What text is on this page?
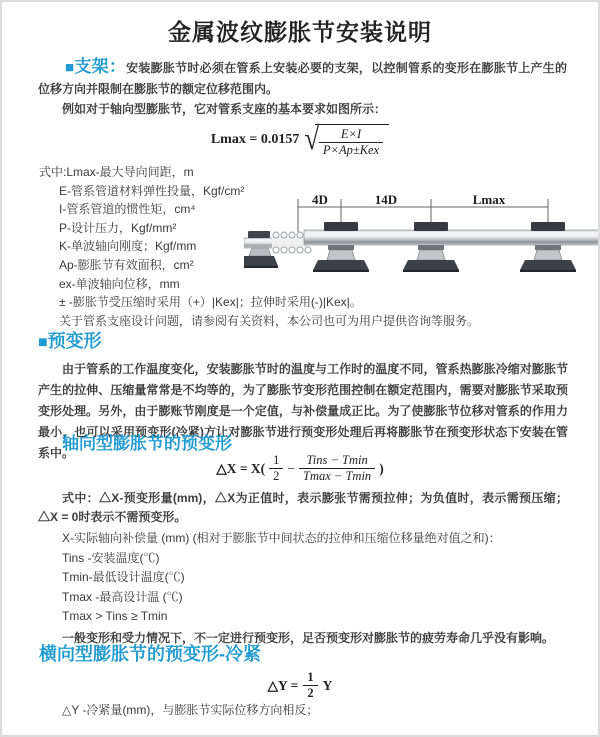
金属波纹膨胀节安装说明

■支架：安装膨胀节时必须在管系上安装必要的支架，以控制管系的变形在膨胀节上产生的位移方向并限制在膨胀节的额定位移范围内。

例如对于轴向型膨胀节，它对管系支座的基本要求如图所示：

Lmax = 0.0157 √ $\frac{E\times I}{\text{P×Ap±Kex}}$
式中:Lmax-最大导向间距，m
E-管系管道材料弹性投量，Kgf/cm²
I-管系管道的惯性矩，cm⁴
P-设计压力，Kgf/mm²
K-单波轴向刚度；Kgf/mm
Ap-膨胀节有效面积，cm²
ex-单波轴向位移，mm
± -膨胀节受压缩时采用（+）|Kex|；拉伸时采用(-)|Kex|。
关于管系支座设计问题，请参阅有关资料，本公司也可为用户提供咨询等服务。
4D	14D	Lmax
■预变形

由于管系的工作温度变化，安装膨胀节时的温度与工作时的温度不同，管系热膨胀冷缩对膨胀节产生的拉伸、压缩量常常是不均等的，为了膨胀节变形范围控制在额定范围内，需要对膨胀节采取预变形处理。另外，由于膨账节刚度是一个定值，与补偿量成正比。为了使膨胀节位移对管系的作用力最小，也可以采用预变形(冷紧)方让对膨胀节进行预变形处理后再将膨胀节在预变形状态下安装在管系中。

轴向型膨胀节的预变形
△X = $X( \frac{1}{2} - \frac{\text{Tins − Tmin}}{Tmax - Tmin}$ )

式中：△X-预变形量(mm)，△X为正值时，表示膨张节需预拉伸；为负值时，表示需预压缩；△X = 0时表示不需预变形。

X-实际轴向补偿量 (mm) (相对于膨胀节中间状态的拉伸和压缩位移量绝对值之和)：
Tins -安装温度(℃)
Tmin-最低设计温度(℃)
Tmax -最高设计温 (℃)
Tmax > Tins ≥ Tmin

一般变形和受力情况下，不一定进行预变形，足否预变形对膨胀节的疲劳寿命几乎没有影响。

横向型膨胀节的预变形-冷紧
△Y = $\frac{1}{2}$ Y
△Y -冷紧量(mm)，与膨胀节实际位移方向相反；
